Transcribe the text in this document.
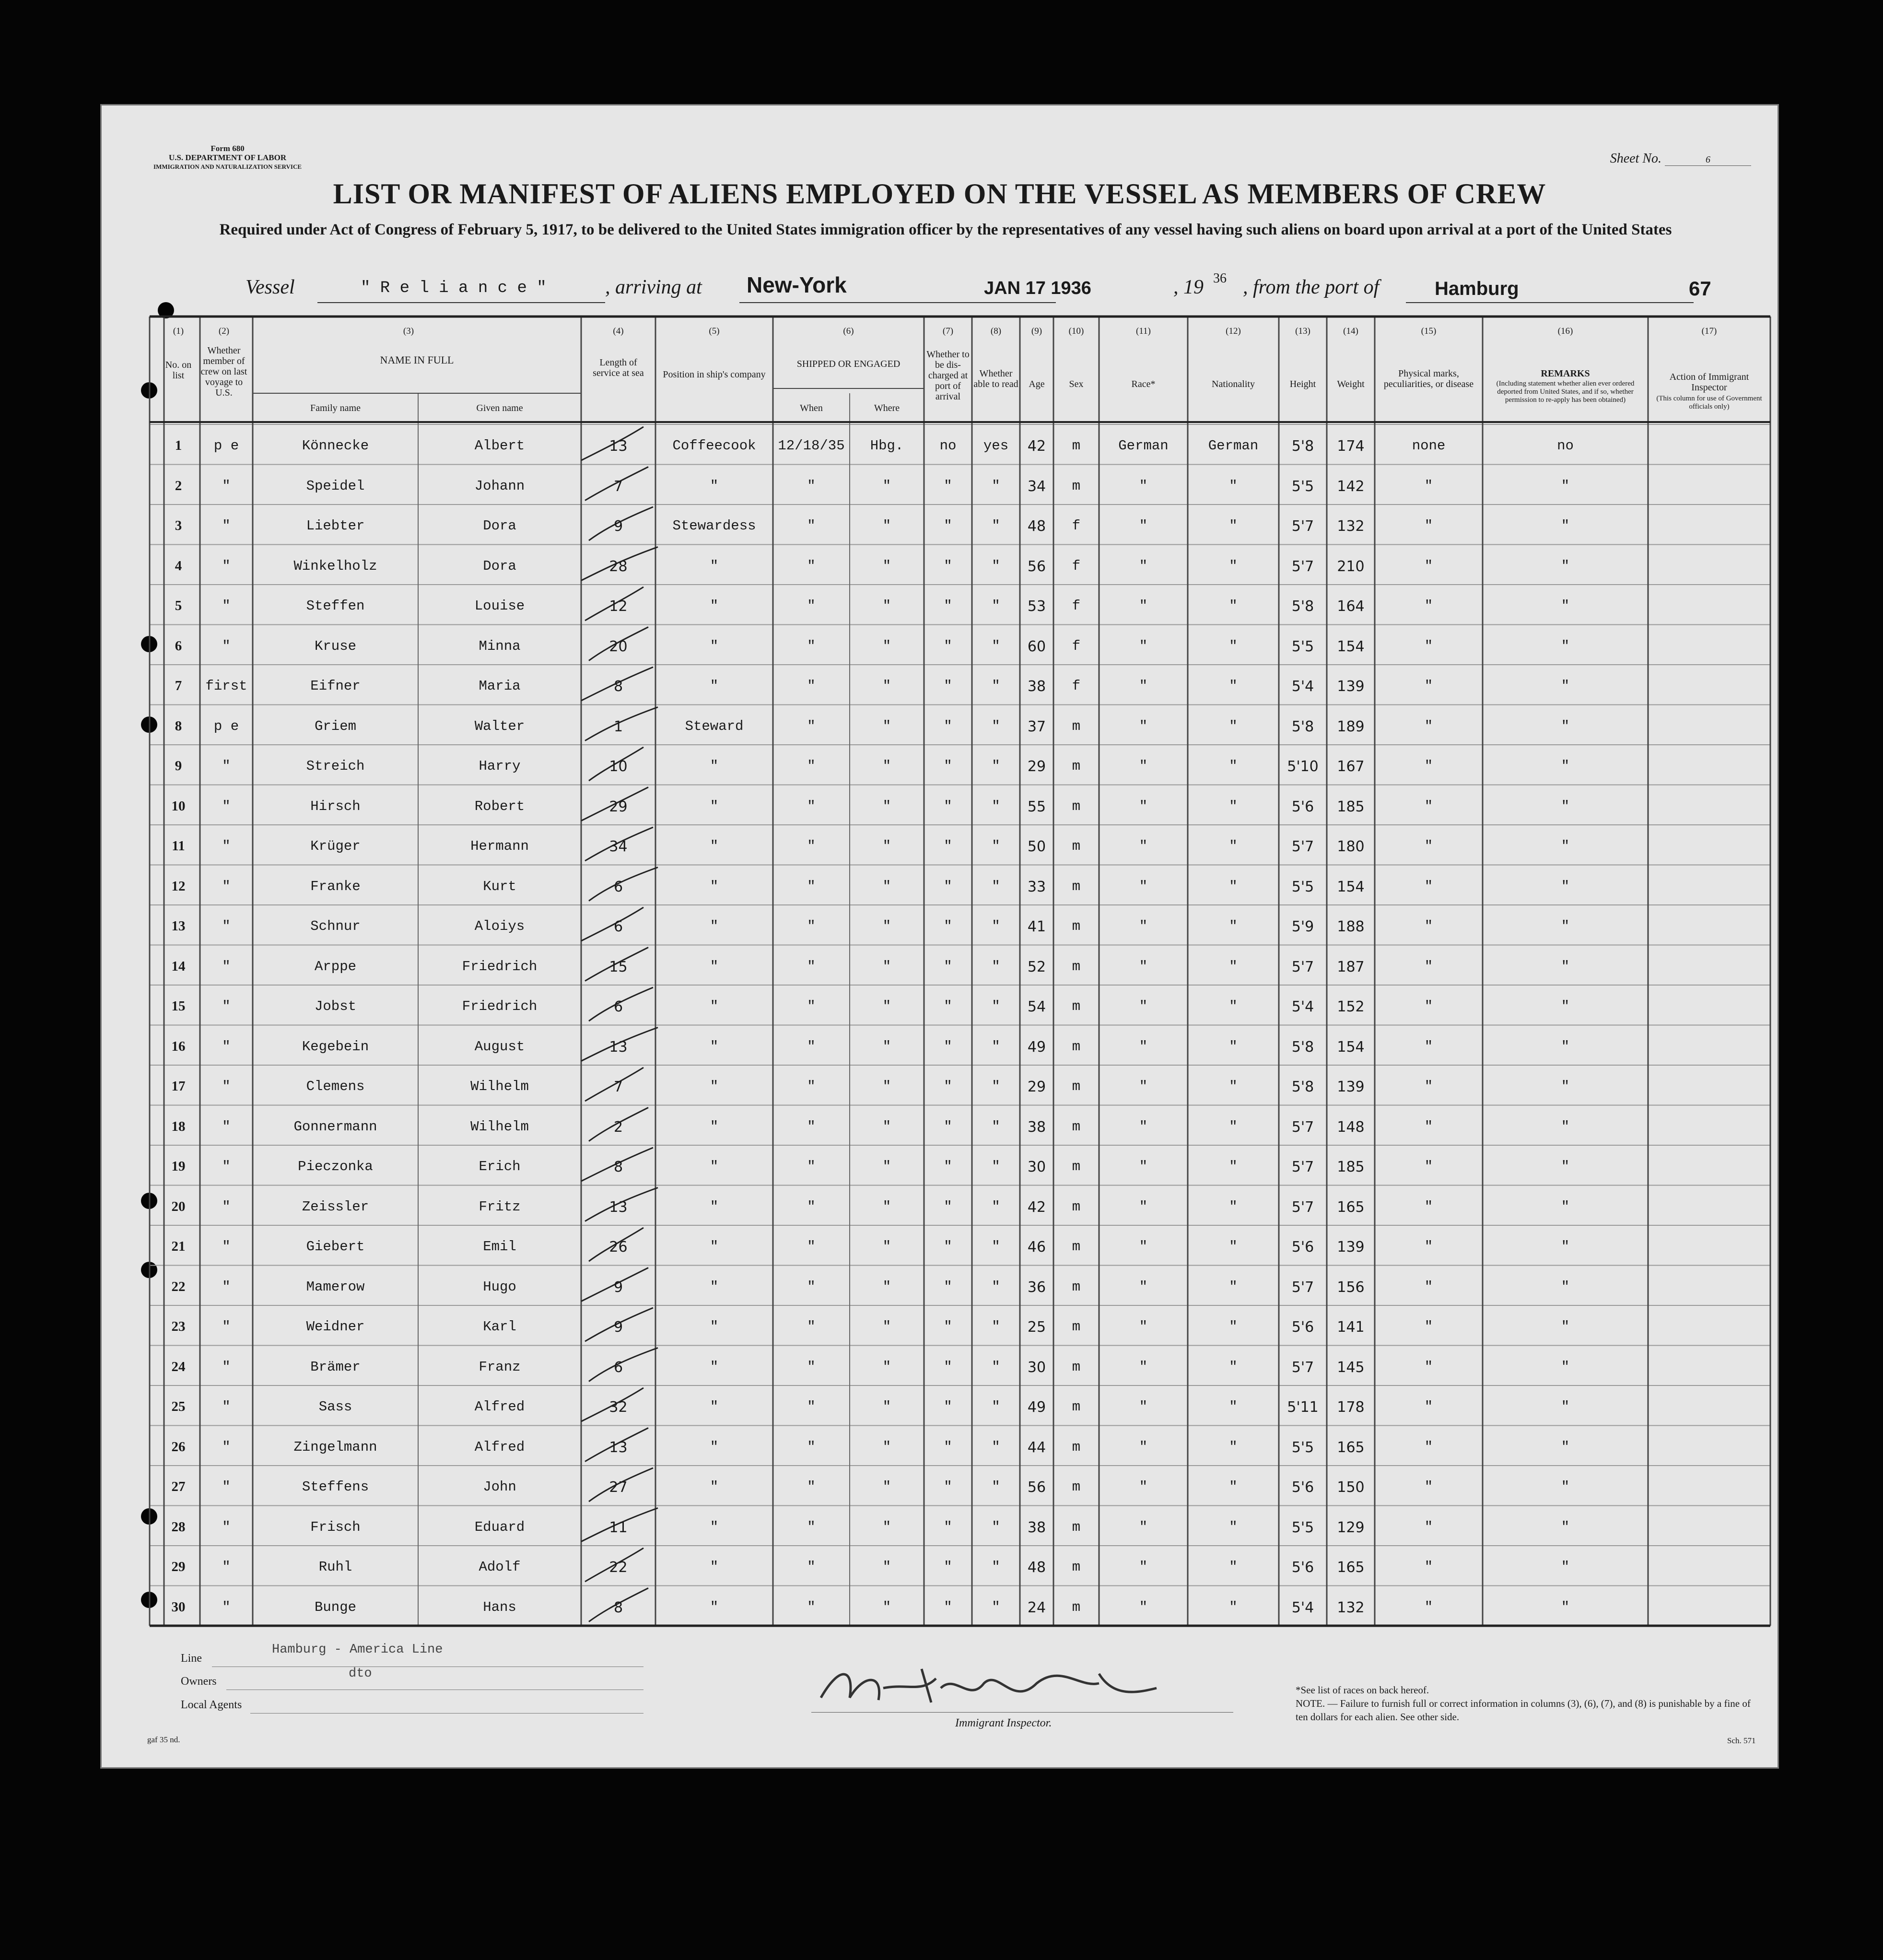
Form 680
U.S. DEPARTMENT OF LABOR
IMMIGRATION AND NATURALIZATION SERVICE
Sheet No.	6
LIST OR MANIFEST OF ALIENS EMPLOYED ON THE VESSEL AS MEMBERS OF CREW
Required under Act of Congress of February 5, 1917, to be delivered to the United States immigration officer by the representatives of any vessel having such aliens on board upon arrival at a port of the United States
Vessel	" R e l i a n c e "	, arriving at New-York	JAN 17 1936	, 19 36 , from the port of	Hamburg	67
(1)	(2)	(3)	(4)	(5)	(6)	(7)	(8)	(9)	(10)	(11)	(12)	(13)	(14)	(15)	(16)	(17)
No. on list
Whether member of crew on last voyage to U.S.
NAME IN FULL
Family name	Given name
Length of service at sea	Position in ship's company
SHIPPED OR ENGAGED
When	Where
Whether to be dis-charged at port of arrival
Whether able to read	Age	Sex	Race*	Nationality	Height	Weight
Physical marks, peculiarities, or disease
REMARKS
(Including statement whether alien ever ordered deported from United States, and if so, whether permission to re-apply has been obtained)
Action of Immigrant Inspector
(This column for use of Government officials only)
1	p e	Könnecke	Albert	13	Coffeecook	12/18/35	Hbg.	no	yes	42	m	German	German	5'8	174	none	no
2	"	Speidel	Johann	7	"	"	"	"	"	34	m	"	"	5'5	142	"	"
3	"	Liebter	Dora	9	Stewardess	"	"	"	"	48	f	"	"	5'7	132	"	"
4	"	Winkelholz	Dora	28	"	"	"	"	"	56	f	"	"	5'7	210	"	"
5	"	Steffen	Louise	12	"	"	"	"	"	53	f	"	"	5'8	164	"	"
6	"	Kruse	Minna	20	"	"	"	"	"	60	f	"	"	5'5	154	"	"
7	first	Eifner	Maria	8	"	"	"	"	"	38	f	"	"	5'4	139	"	"
8	p e	Griem	Walter	1	Steward	"	"	"	"	37	m	"	"	5'8	189	"	"
9	"	Streich	Harry	10	"	"	"	"	"	29	m	"	"	5'10	167	"	"
10	"	Hirsch	Robert	29	"	"	"	"	"	55	m	"	"	5'6	185	"	"
11	"	Krüger	Hermann	34	"	"	"	"	"	50	m	"	"	5'7	180	"	"
12	"	Franke	Kurt	6	"	"	"	"	"	33	m	"	"	5'5	154	"	"
13	"	Schnur	Aloiys	6	"	"	"	"	"	41	m	"	"	5'9	188	"	"
14	"	Arppe	Friedrich	15	"	"	"	"	"	52	m	"	"	5'7	187	"	"
15	"	Jobst	Friedrich	6	"	"	"	"	"	54	m	"	"	5'4	152	"	"
16	"	Kegebein	August	13	"	"	"	"	"	49	m	"	"	5'8	154	"	"
17	"	Clemens	Wilhelm	7	"	"	"	"	"	29	m	"	"	5'8	139	"	"
18	"	Gonnermann	Wilhelm	2	"	"	"	"	"	38	m	"	"	5'7	148	"	"
19	"	Pieczonka	Erich	8	"	"	"	"	"	30	m	"	"	5'7	185	"	"
20	"	Zeissler	Fritz	13	"	"	"	"	"	42	m	"	"	5'7	165	"	"
21	"	Giebert	Emil	26	"	"	"	"	"	46	m	"	"	5'6	139	"	"
22	"	Mamerow	Hugo	9	"	"	"	"	"	36	m	"	"	5'7	156	"	"
23	"	Weidner	Karl	9	"	"	"	"	"	25	m	"	"	5'6	141	"	"
24	"	Brämer	Franz	6	"	"	"	"	"	30	m	"	"	5'7	145	"	"
25	"	Sass	Alfred	32	"	"	"	"	"	49	m	"	"	5'11	178	"	"
26	"	Zingelmann	Alfred	13	"	"	"	"	"	44	m	"	"	5'5	165	"	"
27	"	Steffens	John	27	"	"	"	"	"	56	m	"	"	5'6	150	"	"
28	"	Frisch	Eduard	11	"	"	"	"	"	38	m	"	"	5'5	129	"	"
29	"	Ruhl	Adolf	22	"	"	"	"	"	48	m	"	"	5'6	165	"	"
30	"	Bunge	Hans	8	"	"	"	"	"	24	m	"	"	5'4	132	"	"
Line
Hamburg - America Line
Owners
dto
Local Agents
Immigrant Inspector.
*See list of races on back hereof.
NOTE. — Failure to furnish full or correct information in columns (3), (6), (7), and (8) is punishable by a fine of ten dollars for each alien. See other side.
gaf 35 nd.	Sch. 571
